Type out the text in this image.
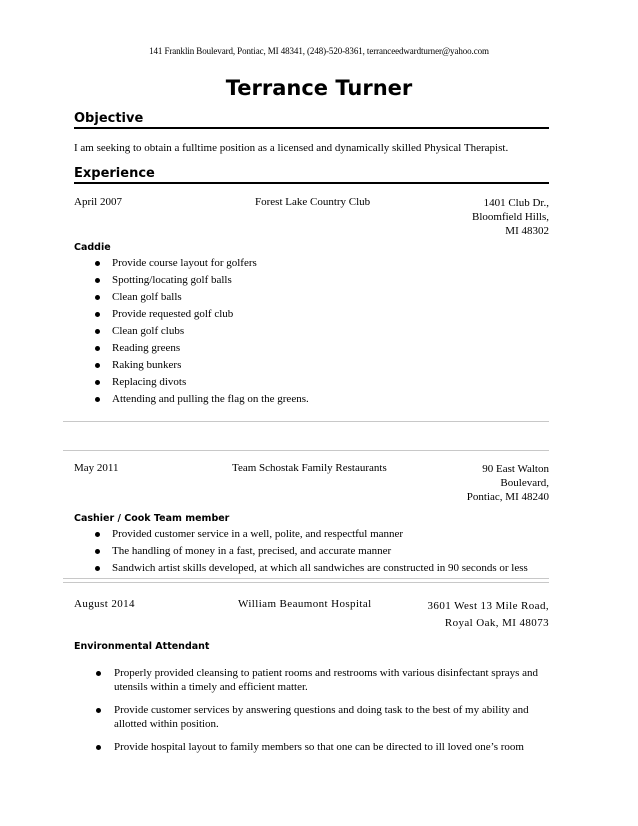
141 Franklin Boulevard, Pontiac, MI 48341, (248)-520-8361, terranceedwardturner@yahoo.com
Terrance Turner
Objective
I am seeking to obtain a fulltime position as a licensed and dynamically skilled Physical Therapist.
Experience
April 2007	Forest Lake Country Club	1401 Club Dr.,
Bloomfield Hills,
MI 48302
Caddie
Provide course layout for golfers
Spotting/locating golf balls
Clean golf balls
Provide requested golf club
Clean golf clubs
Reading greens
Raking bunkers
Replacing divots
Attending and pulling the flag on the greens.
May 2011	Team Schostak Family Restaurants	90 East Walton
Boulevard,
Pontiac, MI 48240
Cashier / Cook Team member
Provided customer service in a well, polite, and respectful manner
The handling of money in a fast, precised, and accurate manner
Sandwich artist skills developed, at which all sandwiches are constructed in 90 seconds or less
August 2014	William Beaumont Hospital	3601 West 13 Mile Road,
Royal Oak, MI 48073
Environmental Attendant
Properly provided cleansing to patient rooms and restrooms with various disinfectant sprays and utensils within a timely and efficient matter.
Provide customer services by answering questions and doing task to the best of my ability and allotted within position.
Provide hospital layout to family members so that one can be directed to ill loved one’s room
